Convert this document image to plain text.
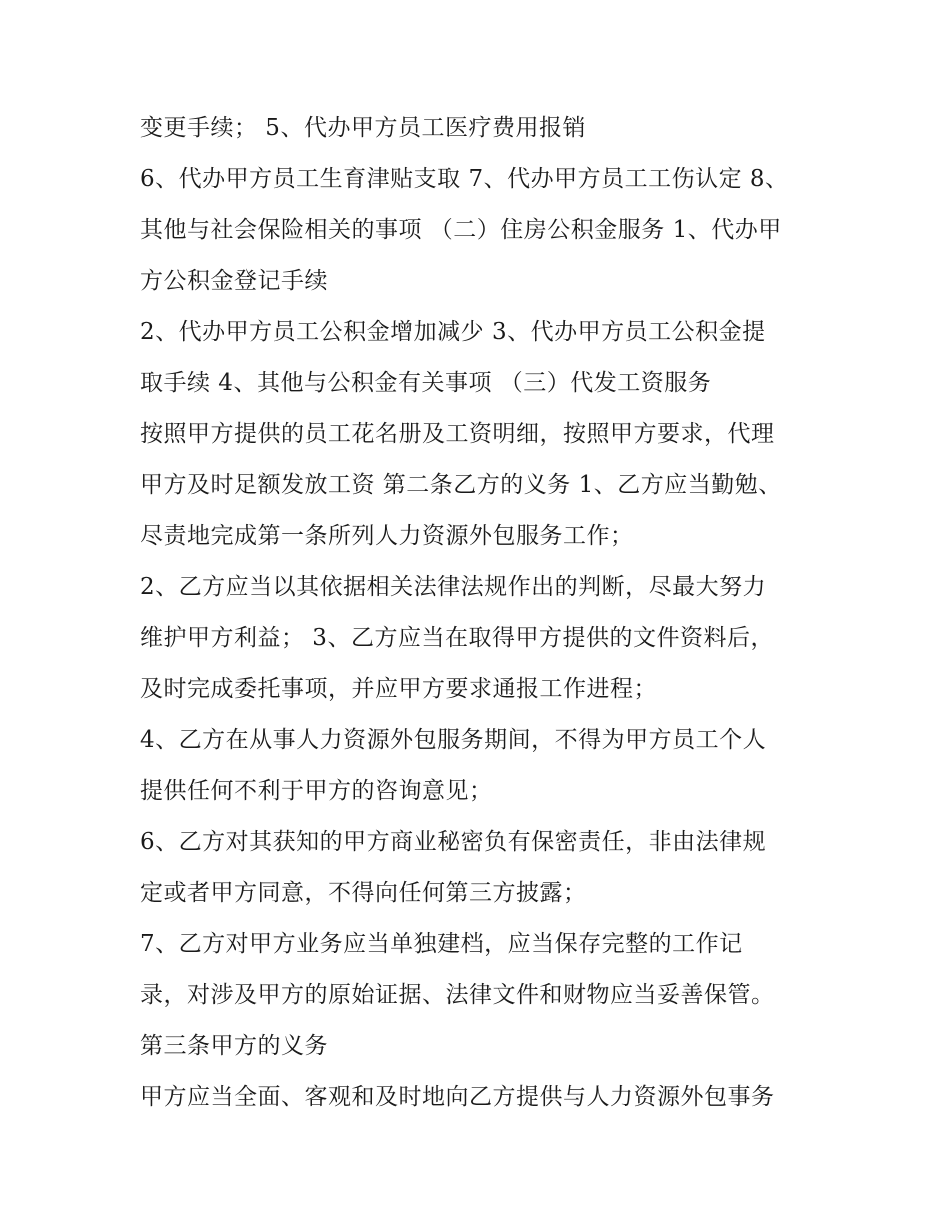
变更手续； 5、代办甲方员工医疗费用报销
6、代办甲方员工生育津贴支取 7、代办甲方员工工伤认定 8、
其他与社会保险相关的事项 （二）住房公积金服务 1、代办甲
方公积金登记手续
2、代办甲方员工公积金增加减少 3、代办甲方员工公积金提
取手续 4、其他与公积金有关事项 （三）代发工资服务
按照甲方提供的员工花名册及工资明细，按照甲方要求，代理
甲方及时足额发放工资 第二条乙方的义务 1、乙方应当勤勉、
尽责地完成第一条所列人力资源外包服务工作；
2、乙方应当以其依据相关法律法规作出的判断，尽最大努力
维护甲方利益； 3、乙方应当在取得甲方提供的文件资料后，
及时完成委托事项，并应甲方要求通报工作进程；
4、乙方在从事人力资源外包服务期间，不得为甲方员工个人
提供任何不利于甲方的咨询意见；
6、乙方对其获知的甲方商业秘密负有保密责任，非由法律规
定或者甲方同意，不得向任何第三方披露；
7、乙方对甲方业务应当单独建档，应当保存完整的工作记
录，对涉及甲方的原始证据、法律文件和财物应当妥善保管。
第三条甲方的义务
甲方应当全面、客观和及时地向乙方提供与人力资源外包事务
